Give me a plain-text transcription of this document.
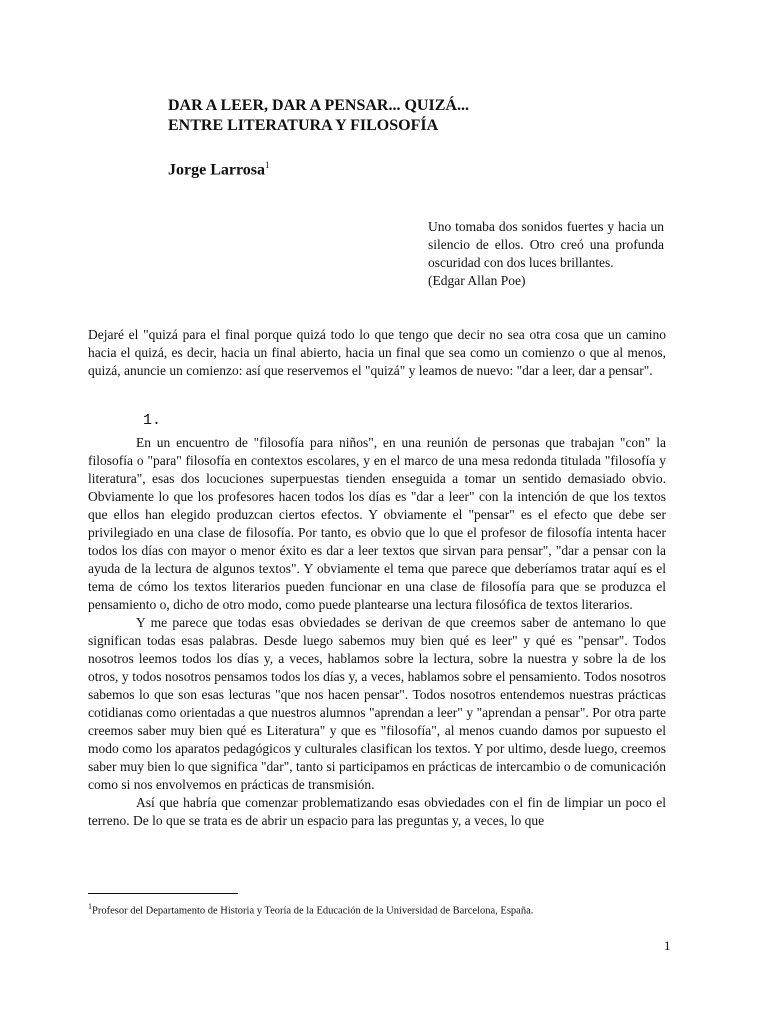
DAR A LEER, DAR A PENSAR... QUIZÁ...
ENTRE LITERATURA Y FILOSOFÍA
Jorge Larrosa$^1$
Uno tomaba dos sonidos fuertes y hacia un silencio de ellos. Otro creó una profunda oscuridad con dos luces brillantes.
(Edgar Allan Poe)
Dejaré el "quizá para el final porque quizá todo lo que tengo que decir no sea otra cosa que un camino hacia el quizá, es decir, hacia un final abierto, hacia un final que sea como un comienzo o que al menos, quizá, anuncie un comienzo: así que reservemos el "quizá" y leamos de nuevo: "dar a leer, dar a pensar".
1.

En un encuentro de "filosofía para niños", en una reunión de personas que trabajan "con" la filosofía o "para" filosofía en contextos escolares, y en el marco de una mesa redonda titulada "filosofía y literatura", esas dos locuciones superpuestas tienden enseguida a tomar un sentido demasiado obvio. Obviamente lo que los profesores hacen todos los días es "dar a leer" con la intención de que los textos que ellos han elegido produzcan ciertos efectos. Y obviamente el "pensar" es el efecto que debe ser privilegiado en una clase de filosofía. Por tanto, es obvio que lo que el profesor de filosofía intenta hacer todos los días con mayor o menor éxito es dar a leer textos que sirvan para pensar", "dar a pensar con la ayuda de la lectura de algunos textos". Y obviamente el tema que parece que deberíamos tratar aquí es el tema de cómo los textos literarios pueden funcionar en una clase de filosofía para que se produzca el pensamiento o, dicho de otro modo, como puede plantearse una lectura filosófica de textos literarios.

Y me parece que todas esas obviedades se derivan de que creemos saber de antemano lo que significan todas esas palabras. Desde luego sabemos muy bien qué es leer" y qué es "pensar". Todos nosotros leemos todos los días y, a veces, hablamos sobre la lectura, sobre la nuestra y sobre la de los otros, y todos nosotros pensamos todos los días y, a veces, hablamos sobre el pensamiento. Todos nosotros sabemos lo que son esas lecturas "que nos hacen pensar". Todos nosotros entendemos nuestras prácticas cotidianas como orientadas a que nuestros alumnos "aprendan a leer" y "aprendan a pensar". Por otra parte creemos saber muy bien qué es Literatura" y que es "filosofía", al menos cuando damos por supuesto el modo como los aparatos pedagógicos y culturales clasifican los textos. Y por ultimo, desde luego, creemos saber muy bien lo que significa "dar", tanto si participamos en prácticas de intercambio o de comunicación como si nos envolvemos en prácticas de transmisión.

Así que habría que comenzar problematizando esas obviedades con el fin de limpiar un poco el terreno. De lo que se trata es de abrir un espacio para las preguntas y, a veces, lo que

$^1$Profesor del Departamento de Historia y Teoría de la Educación de la Universidad de Barcelona, España.
1
